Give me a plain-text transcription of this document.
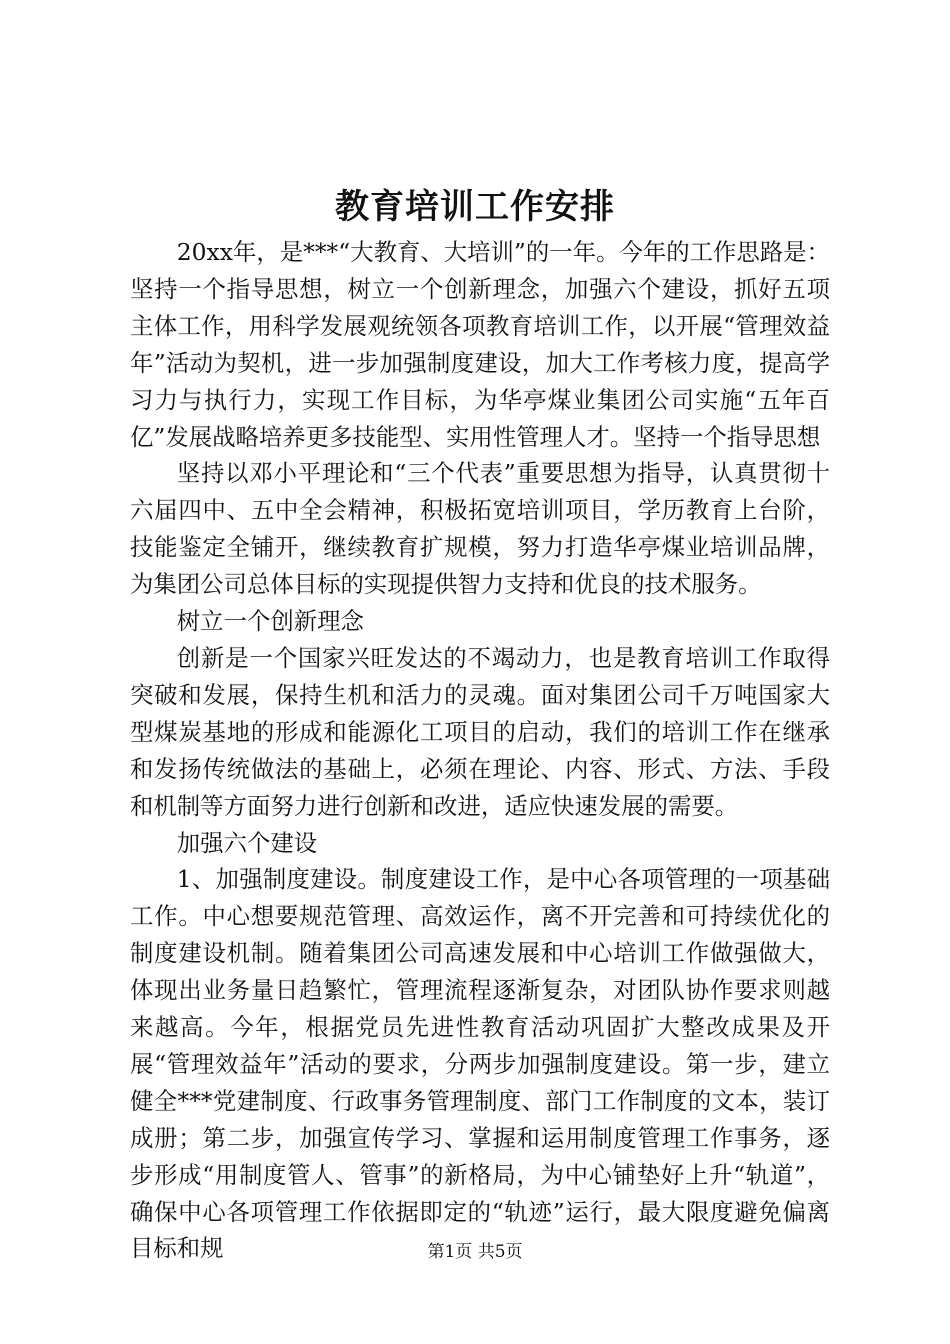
教育培训工作安排

20xx年，是***“大教育、大培训”的一年。今年的工作思路是：坚持一个指导思想，树立一个创新理念，加强六个建设，抓好五项主体工作，用科学发展观统领各项教育培训工作，以开展“管理效益年”活动为契机，进一步加强制度建设，加大工作考核力度，提高学习力与执行力，实现工作目标，为华亭煤业集团公司实施“五年百亿”发展战略培养更多技能型、实用性管理人才。坚持一个指导思想

坚持以邓小平理论和“三个代表”重要思想为指导，认真贯彻十六届四中、五中全会精神，积极拓宽培训项目，学历教育上台阶，技能鉴定全铺开，继续教育扩规模，努力打造华亭煤业培训品牌，为集团公司总体目标的实现提供智力支持和优良的技术服务。

树立一个创新理念

创新是一个国家兴旺发达的不竭动力，也是教育培训工作取得突破和发展，保持生机和活力的灵魂。面对集团公司千万吨国家大型煤炭基地的形成和能源化工项目的启动，我们的培训工作在继承和发扬传统做法的基础上，必须在理论、内容、形式、方法、手段和机制等方面努力进行创新和改进，适应快速发展的需要。

加强六个建设

1、加强制度建设。制度建设工作，是中心各项管理的一项基础工作。中心想要规范管理、高效运作，离不开完善和可持续优化的制度建设机制。随着集团公司高速发展和中心培训工作做强做大，体现出业务量日趋繁忙，管理流程逐渐复杂，对团队协作要求则越来越高。今年，根据党员先进性教育活动巩固扩大整改成果及开展“管理效益年”活动的要求，分两步加强制度建设。第一步，建立健全***党建制度、行政事务管理制度、部门工作制度的文本，装订成册；第二步，加强宣传学习、掌握和运用制度管理工作事务，逐步形成“用制度管人、管事”的新格局，为中心铺垫好上升“轨道”，确保中心各项管理工作依据即定的“轨迹”运行，最大限度避免偏离目标和规	第1页 共5页
